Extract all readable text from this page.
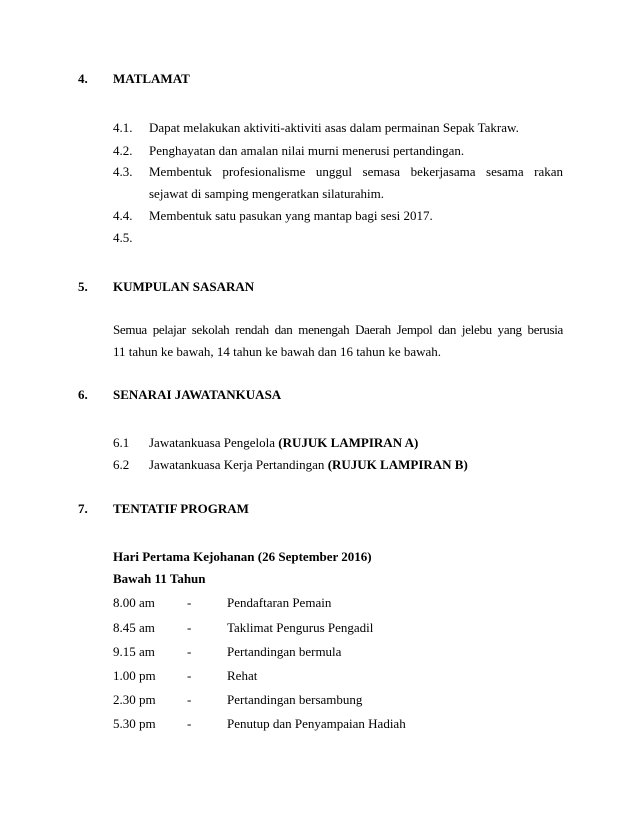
4. MATLAMAT
4.1. Dapat melakukan aktiviti-aktiviti asas dalam permainan Sepak Takraw.
4.2. Penghayatan dan amalan nilai murni menerusi pertandingan.
4.3. Membentuk profesionalisme unggul semasa bekerjasama sesama rakan
sejawat di samping mengeratkan silaturahim.
4.4. Membentuk satu pasukan yang mantap bagi sesi 2017.
4.5.
5. KUMPULAN SASARAN
Semua pelajar sekolah rendah dan menengah Daerah Jempol dan jelebu yang berusia
11 tahun ke bawah, 14 tahun ke bawah dan 16 tahun ke bawah.
6. SENARAI JAWATANKUASA
6.1 Jawatankuasa Pengelola (RUJUK LAMPIRAN A)
6.2 Jawatankuasa Kerja Pertandingan (RUJUK LAMPIRAN B)
7. TENTATIF PROGRAM
Hari Pertama Kejohanan (26 September 2016)
Bawah 11 Tahun
8.00 am -	Pendaftaran Pemain
8.45 am -	Taklimat Pengurus Pengadil
9.15 am -	Pertandingan bermula
1.00 pm -	Rehat
2.30 pm -	Pertandingan bersambung
5.30 pm -	Penutup dan Penyampaian Hadiah
